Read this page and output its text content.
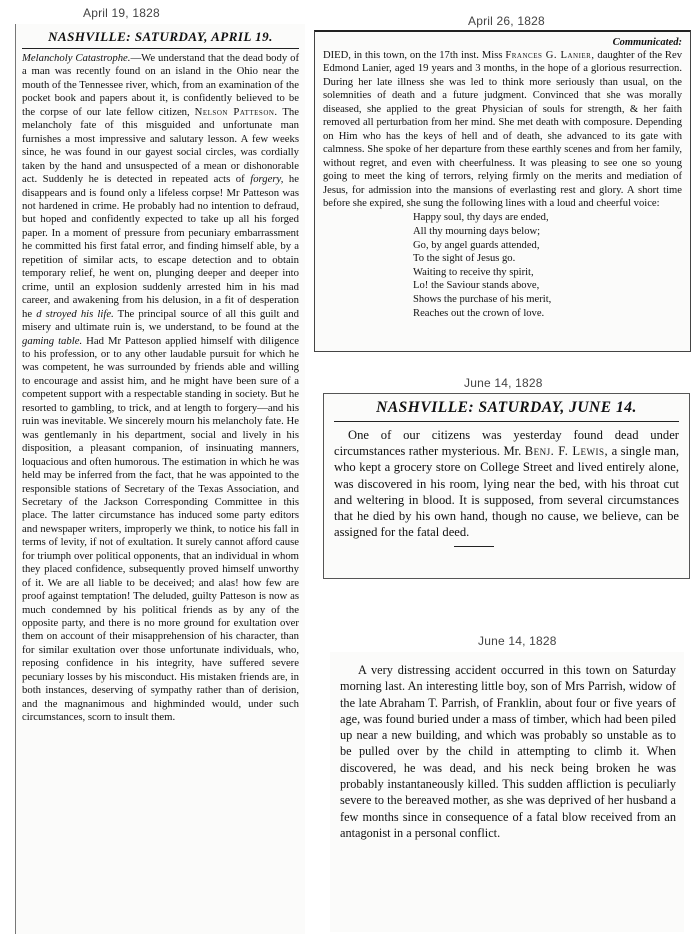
April 19, 1828
April 26, 1828
June 14, 1828
June 14, 1828
NASHVILLE: SATURDAY, APRIL 19.
Melancholy Catastrophe.—We understand that the dead body of a man was recently found on an island in the Ohio near the mouth of the Tennessee river, which, from an examination of the pocket book and papers about it, is confidently believed to be the corpse of our late fellow citizen, Nelson Patteson. The melancholy fate of this misguided and unfortunate man furnishes a most impressive and salutary lesson. A few weeks since, he was found in our gayest social circles, was cordially taken by the hand and unsuspected of a mean or dishonorable act. Suddenly he is detected in repeated acts of forgery, he disappears and is found only a lifeless corpse! Mr Patteson was not hardened in crime. He probably had no intention to defraud, but hoped and confidently expected to take up all his forged paper. In a moment of pressure from pecuniary embarrassment he committed his first fatal error, and finding himself able, by a repetition of similar acts, to escape detection and to obtain temporary relief, he went on, plunging deeper and deeper into crime, until an explosion suddenly arrested him in his mad career, and awakening from his delusion, in a fit of desperation he d stroyed his life. The principal source of all this guilt and misery and ultimate ruin is, we understand, to be found at the gaming table. Had Mr Patteson applied himself with diligence to his profession, or to any other laudable pursuit for which he was competent, he was surrounded by friends able and willing to encourage and assist him, and he might have been sure of a competent support with a respectable standing in society. But he resorted to gambling, to trick, and at length to forgery—and his ruin was inevitable. We sincerely mourn his melancholy fate. He was gentlemanly in his department, social and lively in his disposition, a pleasant companion, of insinuating manners, loquacious and often humorous. The estimation in which he was held may be inferred from the fact, that he was appointed to the responsible stations of Secretary of the Texas Association, and Secretary of the Jackson Corresponding Committee in this place. The latter circumstance has induced some party editors and newspaper writers, improperly we think, to notice his fall in terms of levity, if not of exultation. It surely cannot afford cause for triumph over political opponents, that an individual in whom they placed confidence, subsequently proved himself unworthy of it. We are all liable to be deceived; and alas! how few are proof against temptation! The deluded, guilty Patteson is now as much condemned by his political friends as by any of the opposite party, and there is no more ground for exultation over them on account of their misapprehension of his character, than for similar exultation over those unfortunate individuals, who, reposing confidence in his integrity, have suffered severe pecuniary losses by his misconduct. His mistaken friends are, in both instances, deserving of sympathy rather than of derision, and the magnanimous and highminded would, under such circumstances, scorn to insult them.
Communicated:
DIED, in this town, on the 17th inst. Miss Frances G. Lanier, daughter of the Rev Edmond Lanier, aged 19 years and 3 months, in the hope of a glorious resurrection. During her late illness she was led to think more seriously than usual, on the solemnities of death and a future judgment. Convinced that she was morally diseased, she applied to the great Physician of souls for strength, & her faith removed all perturbation from her mind. She met death with composure. Depending on Him who has the keys of hell and of death, she advanced to its gate with calmness. She spoke of her departure from these earthly scenes and from her family, without regret, and even with cheerfulness. It was pleasing to see one so young going to meet the king of terrors, relying firmly on the merits and mediation of Jesus, for admission into the mansions of everlasting rest and glory. A short time before she expired, she sung the following lines with a loud and cheerful voice:
Happy soul, thy days are ended,
All thy mourning days below;
Go, by angel guards attended,
To the sight of Jesus go.
Waiting to receive thy spirit,
Lo! the Saviour stands above,
Shows the purchase of his merit,
Reaches out the crown of love.
NASHVILLE: SATURDAY, JUNE 14.
One of our citizens was yesterday found dead under circumstances rather mysterious. Mr. Benj. F. Lewis, a single man, who kept a grocery store on College Street and lived entirely alone, was discovered in his room, lying near the bed, with his throat cut and weltering in blood. It is supposed, from several circumstances that he died by his own hand, though no cause, we believe, can be assigned for the fatal deed.
A very distressing accident occurred in this town on Saturday morning last. An interesting little boy, son of Mrs Parrish, widow of the late Abraham T. Parrish, of Franklin, about four or five years of age, was found buried under a mass of timber, which had been piled up near a new building, and which was probably so unstable as to be pulled over by the child in attempting to climb it. When discovered, he was dead, and his neck being broken he was probably instantaneously killed. This sudden affliction is peculiarly severe to the bereaved mother, as she was deprived of her husband a few months since in consequence of a fatal blow received from an antagonist in a personal conflict.
